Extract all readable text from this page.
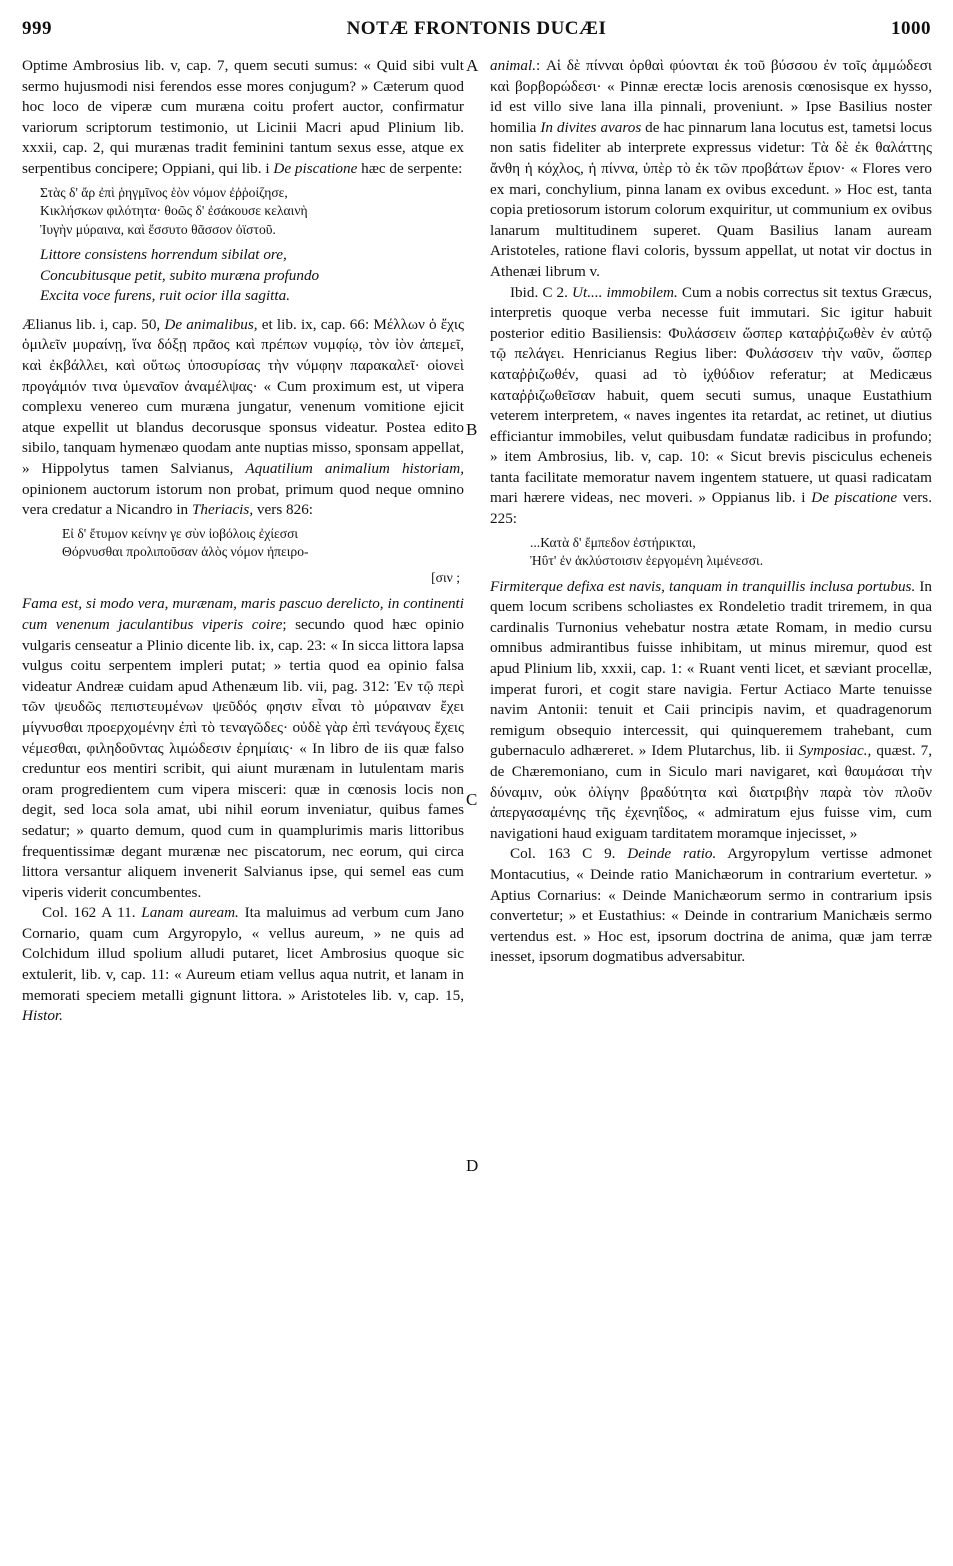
999	NOTÆ FRONTONIS DUCÆI	1000
A
B
C
D

Optime Ambrosius lib. v, cap. 7, quem secuti sumus: « Quid sibi vult sermo hujusmodi nisi ferendos esse mores conjugum? » Cæterum quod hoc loco de viperæ cum murænа coitu profert auctor, confirmatur variorum scriptorum testimonio, ut Licinii Macri apud Plinium lib. xxxii, cap. 2, qui murænas tradit feminini tantum sexus esse, atque ex serpentibus concipere; Oppiani, qui lib. i De piscatione hæc de serpente:

Στὰς δ' ἄρ ἐπὶ ῥηγμῖνος ἑὸν νόμον ἐῤῥοίζησε,
Κικλήσκων φιλότητα· θοῶς δ' ἐσάκουσε κελαινὴ
Ἰυγὴν μύραινα, καὶ ἔσσυτο θᾶσσον ὀϊστοῦ.
Littore consistens horrendum sibilat ore,
Concubitusque petit, subito murænа profundo
Excita voce furens, ruit ocior illa sagitta.

Ælianus lib. i, cap. 50, De animalibus, et lib. ix, cap. 66: Μέλλων ὁ ἔχις ὁμιλεῖν μυραίνῃ, ἵνα δόξῃ πρᾶος καὶ πρέπων νυμφίῳ, τὸν ἰὸν ἀπεμεῖ, καὶ ἐκβάλλει, καὶ οὕτως ὑποσυρίσας τὴν νύμφην παρακαλεῖ· οἱονεὶ προγάμιόν τινα ὑμεναῖον ἀναμέλψας· « Cum proximum est, ut vipera complexu venereo cum murænа jungatur, venenum vomitione ejicit atque expellit ut blandus decorusque sponsus videatur. Postea edito sibilo, tanquam hymenæo quodam ante nuptias misso, sponsam appellat, » Hippolytus tamen Salvianus, Aquatilium animalium historiam, opinionem auctorum istorum non probat, primum quod neque omnino vera credatur a Nicandro in Theriacis, vers 826:

Εἰ δ' ἔτυμον κείνην γε σὺν ἰοβόλοις ἐχίεσσι
Θόρνυσθαι προλιποῦσαν ἁλὸς νόμον ἠπειρο-
[σιν ;

Fama est, si modo vera, murænam, maris pascuo derelicto, in continenti cum venenum jaculantibus viperis coire; secundo quod hæc opinio vulgaris censeatur a Plinio dicente lib. ix, cap. 23: « In sicca littora lapsa vulgus coitu serpentem impleri putat; » tertia quod ea opinio falsa videatur Andreæ cuidam apud Athenæum lib. vii, pag. 312: Ἐν τῷ περὶ τῶν ψευδῶς πεπιστευμένων ψεῦδός φησιν εἶναι τὸ μύραιναν ἔχει μίγνυσθαι προερχομένην ἐπὶ τὸ τεναγῶδες· οὐδὲ γὰρ ἐπὶ τενάγους ἔχεις νέμεσθαι, φιληδοῦντας λιμώδεσιν ἐρημίαις· « In libro de iis quæ falso creduntur eos mentiri scribit, qui aiunt murænam in lutulentam maris oram progredientem cum vipera misceri: quæ in cœnosis locis non degit, sed loca sola amat, ubi nihil eorum inveniatur, quibus fames sedatur; » quarto demum, quod cum in quamplurimis maris littoribus frequentissimæ degant murænæ nec piscatorum, nec eorum, qui circa littora versantur aliquem invenerit Salvianus ipse, qui semel eas cum viperis viderit concumbentes.

Col. 162 A 11. Lanam auream. Ita maluimus ad verbum cum Jano Cornario, quam cum Argyropylo, « vellus aureum, » ne quis ad Colchidum illud spolium alludi putaret, licet Ambrosius quoque sic extulerit, lib. v, cap. 11: « Aureum etiam vellus aqua nutrit, et lanam in memorati speciem metalli gignunt littora. » Aristoteles lib. v, cap. 15, Histor.

animal.: Αἱ δὲ πίνναι ὀρθαὶ φύονται ἐκ τοῦ βύσσου ἐν τοῖς ἀμμώδεσι καὶ βορβορώδεσι· « Pinnæ erectæ locis arenosis cœnosisque ex hysso, id est villo sive lana illa pinnali, proveniunt. » Ipse Basilius noster homilia In divites avaros de hac pinnarum lana locutus est, tametsi locus non satis fideliter ab interprete expressus videtur: Τὰ δὲ ἐκ θαλάττης ἄνθη ἡ κόχλος, ἡ πίννα, ὑπὲρ τὸ ἐκ τῶν προβάτων ἔριον· « Flores vero ex mari, conchylium, pinna lanam ex ovibus excedunt. » Hoc est, tanta copia pretiosorum istorum colorum exquiritur, ut communium ex ovibus lanarum multitudinem superet. Quam Basilius lanam auream Aristoteles, ratione flavi coloris, byssum appellat, ut notat vir doctus in Athenæi librum v.

Ibid. C 2. Ut.... immobilem. Cum a nobis correctus sit textus Græcus, interpretis quoque verba necesse fuit immutari. Sic igitur habuit posterior editio Basiliensis: Φυλάσσειν ὥσπερ καταῤῥιζωθὲν ἐν αὐτῷ τῷ πελάγει. Henricianus Regius liber: Φυλάσσειν τὴν ναῦν, ὥσπερ καταῤῥιζωθέν, quasi ad τὸ ἰχθύδιον referatur; at Medicæus καταῤῥιζωθεῖσαν habuit, quem secuti sumus, unaque Eustathium veterem interpretem, « naves ingentes ita retardat, ac retinet, ut diutius efficiantur immobiles, velut quibusdam fundatæ radicibus in profundo; » item Ambrosius, lib. v, cap. 10: « Sicut brevis pisciculus echeneis tanta facilitate memoratur navem ingentem statuere, ut quasi radicatam mari hærere videas, nec moveri. » Oppianus lib. i De piscatione vers. 225:

...Κατὰ δ' ἔμπεδον ἐστήρικται,
Ἠΰτ' ἐν ἀκλύστοισιν ἐεργομένη λιμένεσσι.

Firmiterque defixa est navis, tanquam in tranquillis inclusa portubus. In quem locum scribens scholiastes ex Rondeletio tradit triremem, in qua cardinalis Turnonius vehebatur nostra ætate Romam, in medio cursu omnibus admirantibus fuisse inhibitam, ut minus miremur, quod est apud Plinium lib, xxxii, cap. 1: « Ruant venti licet, et sæviant procellæ, imperat furori, et cogit stare navigia. Fertur Actiaco Marte tenuisse navim Antonii: tenuit et Caii principis navim, et quadragenorum remigum obsequio intercessit, qui quinqueremem trahebant, cum gubernaculo adhæreret. » Idem Plutarchus, lib. ii Symposiac., quæst. 7, de Chæremoniano, cum in Siculo mari navigaret, καὶ θαυμάσαι τὴν δύναμιν, οὐκ ὀλίγην βραδύτητα καὶ διατριβὴν παρὰ τὸν πλοῦν ἀπεργασαμένης τῆς ἐχενηΐδος, « admiratum ejus fuisse vim, cum navigationi haud exiguam tarditatem moramque injecisset, »

Col. 163 C 9. Deinde ratio. Argyropylum vertisse admonet Montacutius, « Deinde ratio Manichæorum in contrarium evertetur. » Aptius Cornarius: « Deinde Manichæorum sermo in contrarium ipsis convertetur; » et Eustathius: « Deinde in contrarium Manichæis sermo vertendus est. » Hoc est, ipsorum doctrina de anima, quæ jam terræ inesset, ipsorum dogmatibus adversabitur.
